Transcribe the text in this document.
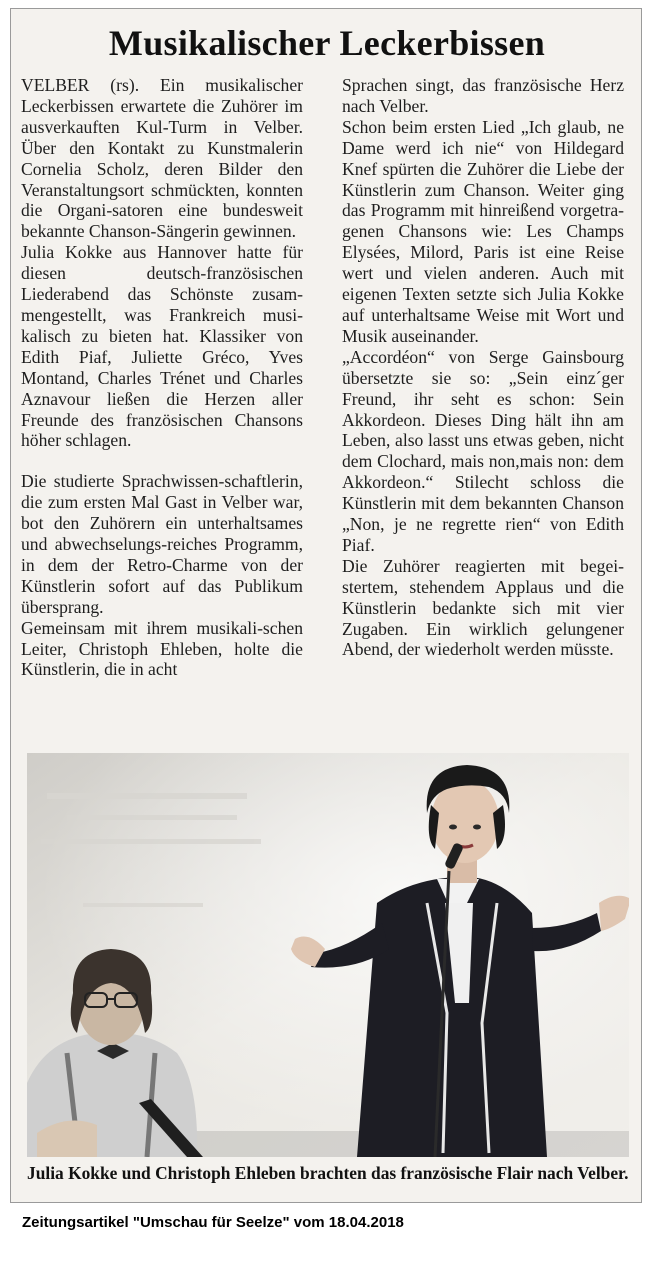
Musikalischer Leckerbissen

VELBER (rs). Ein musikalischer Leckerbissen erwartete die Zuhörer im ausverkauften Kul-Turm in Velber. Über den Kontakt zu Kunstmalerin Cornelia Scholz, deren Bilder den Veranstaltungsort schmückten, konnten die Organi-satoren eine bundesweit bekannte Chanson-Sängerin gewinnen.

Julia Kokke aus Hannover hatte für diesen deutsch-französischen Liederabend das Schönste zusam-mengestellt, was Frankreich musi-kalisch zu bieten hat. Klassiker von Edith Piaf, Juliette Gréco, Yves Montand, Charles Trénet und Charles Aznavour ließen die Herzen aller Freunde des französischen Chansons höher schlagen.

Die studierte Sprachwissen-schaftlerin, die zum ersten Mal Gast in Velber war, bot den Zuhörern ein unterhaltsames und abwechselungs-reiches Programm, in dem der Retro-Charme von der Künstlerin sofort auf das Publikum übersprang.

Gemeinsam mit ihrem musikali-schen Leiter, Christoph Ehleben, holte die Künstlerin, die in acht

Sprachen singt, das französische Herz nach Velber.

Schon beim ersten Lied „Ich glaub, ne Dame werd ich nie“ von Hildegard Knef spürten die Zuhörer die Liebe der Künstlerin zum Chanson. Weiter ging das Programm mit hinreißend vorgetra-genen Chansons wie: Les Champs Elysées, Milord, Paris ist eine Reise wert und vielen anderen. Auch mit eigenen Texten setzte sich Julia Kokke auf unterhaltsame Weise mit Wort und Musik auseinander.

„Accordéon“ von Serge Gainsbourg übersetzte sie so: „Sein einz´ger Freund, ihr seht es schon: Sein Akkordeon. Dieses Ding hält ihn am Leben, also lasst uns etwas geben, nicht dem Clochard, mais non,mais non: dem Akkordeon.“ Stilecht schloss die Künstlerin mit dem bekannten Chanson „Non, je ne regrette rien“ von Edith Piaf.

Die Zuhörer reagierten mit begei-stertem, stehendem Applaus und die Künstlerin bedankte sich mit vier Zugaben. Ein wirklich gelungener Abend, der wiederholt werden müsste.

Julia Kokke und Christoph Ehleben brachten das französische Flair nach Velber.
Zeitungsartikel "Umschau für Seelze" vom 18.04.2018
